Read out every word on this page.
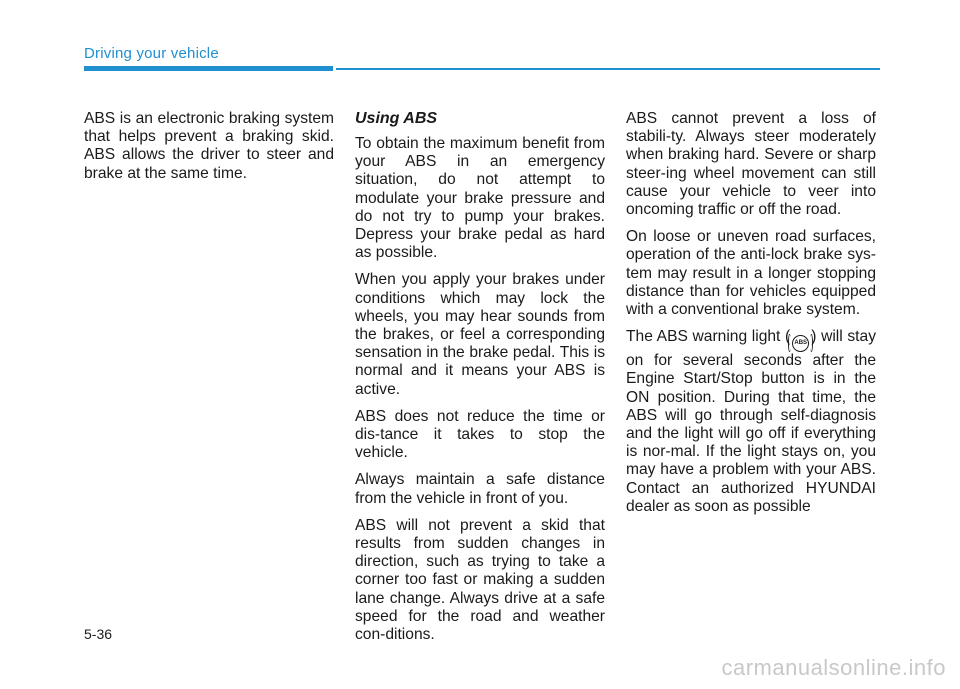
Driving your vehicle

ABS is an electronic braking system that helps prevent a braking skid. ABS allows the driver to steer and brake at the same time.

Using ABS

To obtain the maximum benefit from your ABS in an emergency situation, do not attempt to modulate your brake pressure and do not try to pump your brakes. Depress your brake pedal as hard as possible.

When you apply your brakes under conditions which may lock the wheels, you may hear sounds from the brakes, or feel a corresponding sensation in the brake pedal. This is normal and it means your ABS is active.

ABS does not reduce the time or dis-tance it takes to stop the vehicle.

Always maintain a safe distance from the vehicle in front of you.

ABS will not prevent a skid that results from sudden changes in direction, such as trying to take a corner too fast or making a sudden lane change. Always drive at a safe speed for the road and weather con-ditions.

ABS cannot prevent a loss of stabili-ty. Always steer moderately when braking hard. Severe or sharp steer-ing wheel movement can still cause your vehicle to veer into oncoming traffic or off the road.

On loose or uneven road surfaces, operation of the anti-lock brake sys-tem may result in a longer stopping distance than for vehicles equipped with a conventional brake system.

The ABS warning light ( ABS ) will stay on for several seconds after the Engine Start/Stop button is in the ON position. During that time, the ABS will go through self-diagnosis and the light will go off if everything is nor-mal. If the light stays on, you may have a problem with your ABS. Contact an authorized HYUNDAI dealer as soon as possible

5-36
carmanualsonline.info
